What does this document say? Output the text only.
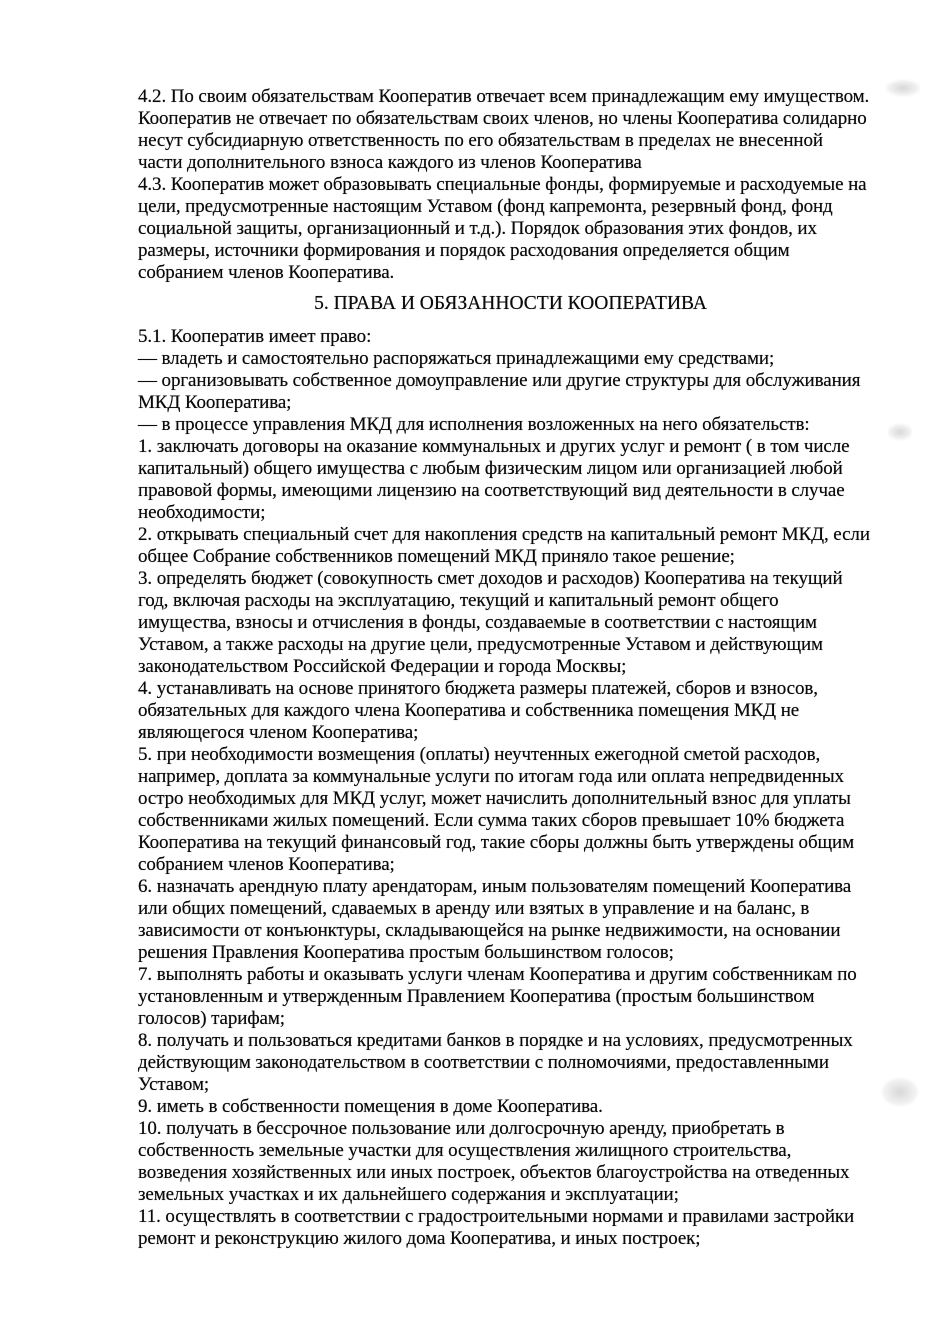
4.2. По своим обязательствам Кооператив отвечает всем принадлежащим ему имуществом.
Кооператив не отвечает по обязательствам своих членов, но члены Кооператива солидарно
несут субсидиарную ответственность по его обязательствам в пределах не внесенной
части дополнительного взноса каждого из членов Кооператива
4.3. Кооператив может образовывать специальные фонды, формируемые и расходуемые на
цели, предусмотренные настоящим Уставом (фонд капремонта, резервный фонд, фонд
социальной защиты, организационный и т.д.). Порядок образования этих фондов, их
размеры, источники формирования и порядок расходования определяется общим
собранием членов Кооператива.
5. ПРАВА И ОБЯЗАННОСТИ КООПЕРАТИВА
5.1. Кооператив имеет право:
— владеть и самостоятельно распоряжаться принадлежащими ему средствами;
— организовывать собственное домоуправление или другие структуры для обслуживания
МКД Кооператива;
— в процессе управления МКД для исполнения возложенных на него обязательств:
1. заключать договоры на оказание коммунальных и других услуг и ремонт ( в том числе
капитальный) общего имущества с любым физическим лицом или организацией любой
правовой формы, имеющими лицензию на соответствующий вид деятельности в случае
необходимости;
2. открывать специальный счет для накопления средств на капитальный ремонт МКД, если
общее Собрание собственников помещений МКД приняло такое решение;
3. определять бюджет (совокупность смет доходов и расходов) Кооператива на текущий
год, включая расходы на эксплуатацию, текущий и капитальный ремонт общего
имущества, взносы и отчисления в фонды, создаваемые в соответствии с настоящим
Уставом, а также расходы на другие цели, предусмотренные Уставом и действующим
законодательством Российской Федерации и города Москвы;
4. устанавливать на основе принятого бюджета размеры платежей, сборов и взносов,
обязательных для каждого члена Кооператива и собственника помещения МКД не
являющегося членом Кооператива;
5. при необходимости возмещения (оплаты) неучтенных ежегодной сметой расходов,
например, доплата за коммунальные услуги по итогам года или оплата непредвиденных
остро необходимых для МКД услуг, может начислить дополнительный взнос для уплаты
собственниками жилых помещений. Если сумма таких сборов превышает 10% бюджета
Кооператива на текущий финансовый год, такие сборы должны быть утверждены общим
собранием членов Кооператива;
6. назначать арендную плату арендаторам, иным пользователям помещений Кооператива
или общих помещений, сдаваемых в аренду или взятых в управление и на баланс, в
зависимости от конъюнктуры, складывающейся на рынке недвижимости, на основании
решения Правления Кооператива простым большинством голосов;
7. выполнять работы и оказывать услуги членам Кооператива и другим собственникам по
установленным и утвержденным Правлением Кооператива (простым большинством
голосов) тарифам;
8. получать и пользоваться кредитами банков в порядке и на условиях, предусмотренных
действующим законодательством в соответствии с полномочиями, предоставленными
Уставом;
9. иметь в собственности помещения в доме Кооператива.
10. получать в бессрочное пользование или долгосрочную аренду, приобретать в
собственность земельные участки для осуществления жилищного строительства,
возведения хозяйственных или иных построек, объектов благоустройства на отведенных
земельных участках и их дальнейшего содержания и эксплуатации;
11. осуществлять в соответствии с градостроительными нормами и правилами застройки
ремонт и реконструкцию жилого дома Кооператива, и иных построек;
